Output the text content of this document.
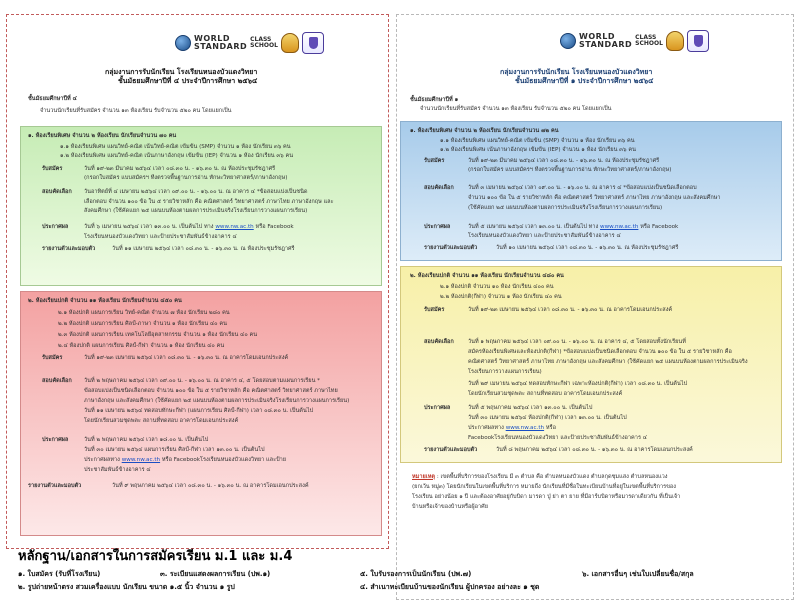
WORLD
STANDARD
CLASS
SCHOOL
WORLD
STANDARD
CLASS
SCHOOL
กลุ่มงานการรับนักเรียน โรงเรียนหนองบัวแดงวิทยา
ชั้นมัธยมศึกษาปีที่ ๔ ประจำปีการศึกษา ๒๕๖๔
ชั้นมัธยมศึกษาปีที่ ๔
จำนวนนักเรียนที่รับสมัคร จำนวน ๑๓ ห้องเรียน รับจำนวน ๕๒๐ คน โดยแยกเป็น
๑. ห้องเรียนพิเศษ จำนวน ๒ ห้องเรียน นักเรียนจำนวน ๗๐ คน
๑.๑ ห้องเรียนพิเศษ แผนวิทย์-คณิต เน้นวิทย์-คณิต เข้มข้น (SMP) จำนวน ๑ ห้อง นักเรียน ๓๖ คน
๑.๒ ห้องเรียนพิเศษ แผนวิทย์-คณิต เน้นภาษาอังกฤษ เข้มข้น (IEP) จำนวน ๑ ห้อง นักเรียน ๓๖ คน
รับสมัคร	วันที่ ๑๙-๒๓ มีนาคม ๒๕๖๔ เวลา ๐๘.๓๐ น. - ๑๖.๓๐ น. ณ ห้องประชุมรัชฎาศรี
(กรอกใบสมัคร แบบสมัครฯ ทีงตรวจพื้นฐานการอ่าน ทักษะวิทยาศาสตร์/ภาษาอังกฤษ)
สอบคัดเลือก วันอาทิตย์ที่ ๔ เมษายน ๒๕๖๔ เวลา ๐๙.๐๐ น. - ๑๖.๐๐ น. ณ อาคาร ๔ *ข้อสอบแบ่งเป็นชนิด
เลือกตอบ จำนวน ๑๐๐ ข้อ ใน ๕ รายวิชาหลัก คือ คณิตศาสตร์ วิทยาศาสตร์ ภาษาไทย ภาษาอังกฤษ และ
สังคมศึกษา (ใช้คัดแยก ๒๕ แผนบนห้องตามผลการประเมินจริงโรงเรียนการวางแผนการเรียน)
ประกาศผล	วันที่ ๖ เมษายน ๒๕๖๔ เวลา ๑๓.๐๐ น. เป็นต้นไป ทาง www.nw.ac.th หรือ Facebook
โรงเรียนหนองบัวแดงวิทยา และป้ายประชาสัมพันธ์ข้างอาคาร ๔
รายงานตัวและมอบตัว	วันที่ ๑๑ เมษายน ๒๕๖๔ เวลา ๐๘.๓๐ น. - ๑๖.๓๐ น. ณ ห้องประชุมรัชฎาศรี
๒. ห้องเรียนปกติ จำนวน ๑๑ ห้องเรียน นักเรียนจำนวน ๔๕๐ คน
๒.๑ ห้องปกติ แผนการเรียน วิทย์-คณิต จำนวน ๗ ห้อง นักเรียน ๒๘๐ คน
๒.๒ ห้องปกติ แผนการเรียน ศิลป์-ภาษา จำนวน ๑ ห้อง นักเรียน ๔๐ คน
๒.๓ ห้องปกติ แผนการเรียน เทคโนโลยีอุตสาหกรรม จำนวน ๑ ห้อง นักเรียน ๔๐ คน
๒.๔ ห้องปกติ แผนการเรียน ศิลป์-กีฬา จำนวน ๑ ห้อง นักเรียน ๔๐ คน
รับสมัคร	วันที่ ๑๙-๒๓ เมษายน ๒๕๖๔ เวลา ๐๘.๓๐ น. - ๑๖.๓๐ น. ณ อาคารโดมเอนกประสงค์
สอบคัดเลือก วันที่ ๒ พฤษภาคม ๒๕๖๔ เวลา ๐๙.๐๐ น. - ๑๖.๐๐ น. ณ อาคาร ๔, ๕ โดยสอบตามแผนการเรียน *
ข้อสอบแบ่งเป็นชนิดเลือกตอบ จำนวน ๑๐๐ ข้อ ใน ๕ รายวิชาหลัก คือ คณิตศาสตร์ วิทยาศาสตร์ ภาษาไทย
ภาษาอังกฤษ และสังคมศึกษา (ใช้คัดแยก ๒๕ แผนบนห้องตามผลการประเมินจริงโรงเรียนการวางแผนการเรียน)
วันที่ ๑๑ เมษายน ๒๕๖๔ ทดสอบทักษะกีฬา (แผนการเรียน ศิลป์-กีฬา) เวลา ๐๘.๓๐ น. เป็นต้นไป
โดยนักเรียนสวมชุดพละ สถานที่ทดสอบ อาคารโดมเอนกประสงค์
ประกาศผล	วันที่ ๒ พฤษภาคม ๒๕๖๔ เวลา ๑๘.๐๐ น. เป็นต้นไป
วันที่ ๓๐ เมษายน ๒๕๖๔ แผนการเรียน ศิลป์-กีฬา เวลา ๑๓.๐๐ น. เป็นต้นไป
ประกาศผลทาง www.nw.ac.th หรือ Facebookโรงเรียนหนองบัวแดงวิทยา และป้าย
ประชาสัมพันธ์ข้างอาคาร ๔
รายงานตัวและมอบตัว	วันที่ ๙ พฤษภาคม ๒๕๖๔ เวลา ๐๘.๓๐ น. - ๑๖.๓๐ น. ณ อาคารโดมเอนกประสงค์
กลุ่มงานการรับนักเรียน โรงเรียนหนองบัวแดงวิทยา
ชั้นมัธยมศึกษาปีที่ ๑ ประจำปีการศึกษา ๒๕๖๔
ชั้นมัธยมศึกษาปีที่ ๑
จำนวนนักเรียนที่รับสมัคร จำนวน ๑๓ ห้องเรียน รับจำนวน ๕๒๐ คน โดยแยกเป็น
๑. ห้องเรียนพิเศษ จำนวน ๒ ห้องเรียน นักเรียนจำนวน ๗๒ คน
๑.๑ ห้องเรียนพิเศษ แผนวิทย์-คณิต เข้มข้น (SMP) จำนวน ๑ ห้อง นักเรียน ๓๖ คน
๑.๒ ห้องเรียนพิเศษ เน้นภาษาอังกฤษ เข้มข้น (IEP) จำนวน ๑ ห้อง นักเรียน ๓๖ คน
รับสมัคร	วันที่ ๑๙-๒๓ มีนาคม ๒๕๖๔ เวลา ๐๘.๓๐ น. - ๑๖.๓๐ น. ณ ห้องประชุมรัชฎาศรี
(กรอกใบสมัคร แบบสมัครฯ ทีงตรวจพื้นฐานการอ่าน ทักษะวิทยาศาสตร์/ภาษาอังกฤษ)
สอบคัดเลือก	วันที่ ๓ เมษายน ๒๕๖๔ เวลา ๐๙.๐๐ น. - ๑๖.๐๐ น. ณ อาคาร ๔ *ข้อสอบแบ่งเป็นชนิดเลือกตอบ
จำนวน ๑๐๐ ข้อ ใน ๕ รายวิชาหลัก คือ คณิตศาสตร์ วิทยาศาสตร์ ภาษาไทย ภาษาอังกฤษ และสังคมศึกษา
(ใช้คัดแยก ๒๕ แผนบนห้องตามผลการประเมินจริงโรงเรียนการวางแผนการเรียน)
ประกาศผล	วันที่ ๕ เมษายน ๒๕๖๔ เวลา ๑๓.๐๐ น. เป็นต้นไป ทาง www.nw.ac.th หรือ Facebook
โรงเรียนหนองบัวแดงวิทยา และป้ายประชาสัมพันธ์ข้างอาคาร ๔
รายงานตัวและมอบตัว	วันที่ ๑๐ เมษายน ๒๕๖๔ เวลา ๐๘.๓๐ น. - ๑๖.๓๐ น. ณ ห้องประชุมรัชฎาศรี
๒. ห้องเรียนปกติ จำนวน ๑๑ ห้องเรียน นักเรียนจำนวน ๔๘๐ คน
๒.๑ ห้องปกติ จำนวน ๑๐ ห้อง นักเรียน ๔๐๐ คน
๒.๒ ห้องปกติ(กีฬา) จำนวน ๑ ห้อง นักเรียน ๔๐ คน
รับสมัคร	วันที่ ๑๙-๒๓ เมษายน ๒๕๖๔ เวลา ๐๘.๓๐ น. - ๑๖.๓๐ น. ณ อาคารโดมเอนกประสงค์
สอบคัดเลือก	วันที่ ๑ พฤษภาคม ๒๕๖๔ เวลา ๐๙.๐๐ น. - ๑๖.๐๐ น. ณ อาคาร ๔, ๕ โดยสอบทั้งนักเรียนที่
สมัครห้องเรียนพิเศษและห้องปกติ(กีฬา) *ข้อสอบแบ่งเป็นชนิดเลือกตอบ จำนวน ๑๐๐ ข้อ ใน ๕ รายวิชาหลัก คือ
คณิตศาสตร์ วิทยาศาสตร์ ภาษาไทย ภาษาอังกฤษ และสังคมศึกษา (ใช้คัดแยก ๒๕ แผนบนห้องตามผลการประเมินจริง
โรงเรียนการวางแผนการเรียน)
วันที่ ๒๙ เมษายน ๒๕๖๔ ทดสอบทักษะกีฬา เฉพาะห้องปกติ(กีฬา) เวลา ๐๘.๓๐ น. เป็นต้นไป
โดยนักเรียนสวมชุดพละ สถานที่ทดสอบ อาคารโดมเอนกประสงค์
ประกาศผล	วันที่ ๕ พฤษภาคม ๒๕๖๔ เวลา ๑๓.๐๐ น. เป็นต้นไป
วันที่ ๓๐ เมษายน ๒๕๖๔ ห้องปกติ(กีฬา) เวลา ๑๓.๐๐ น. เป็นต้นไป
ประกาศผลทาง www.nw.ac.th หรือ
Facebookโรงเรียนหนองบัวแดงวิทยา และป้ายประชาสัมพันธ์ข้างอาคาร ๔
รายงานตัวและมอบตัว	วันที่ ๘ พฤษภาคม ๒๕๖๔ เวลา ๐๘.๓๐ น. - ๑๖.๓๐ น. ณ อาคารโดมเอนกประสงค์
หมายเหตุ : เขตพื้นที่บริการของโรงเรียน มี ๓ ตำบล คือ ตำบลหนองบัวแดง ตำบลกุดชุมแสง ตำบลหนองแวง
(ยกเว้น หมู่๓) โดยนักเรียนในเขตพื้นที่บริการ หมายถึง นักเรียนที่มีชื่อในทะเบียนบ้านที่อยู่ในเขตพื้นที่บริการของ
โรงเรียน อย่างน้อย ๑ ปี และต้องอาศัยอยู่กับบิดา มารดา ปู่ ย่า ตา ยาย ที่มีอาร์บบิดาหรือมารดาเดียวกัน ที่เป็นเจ้า
บ้านหรือเจ้าของบ้านหรือผู้อาศัย
หลักฐาน/เอกสารในการสมัครเรียน ม.1 และ ม.4
๑. ใบสมัคร (รับที่โรงเรียน)	๓. ระเบียนแสดงผลการเรียน (ปพ.๑)	๕. ใบรับรองการเป็นนักเรียน (ปพ.๗)	๖. เอกสารอื่นๆ เช่นใบเปลี่ยนชื่อ/สกุล
๒. รูปถ่ายหน้าตรง สวมเครื่องแบบ นักเรียน ขนาด ๑.๕ นิ้ว จำนวน ๑ รูป	๔. สำเนาทะเบียนบ้านของนักเรียน ผู้ปกครอง อย่างละ ๑ ชุด
